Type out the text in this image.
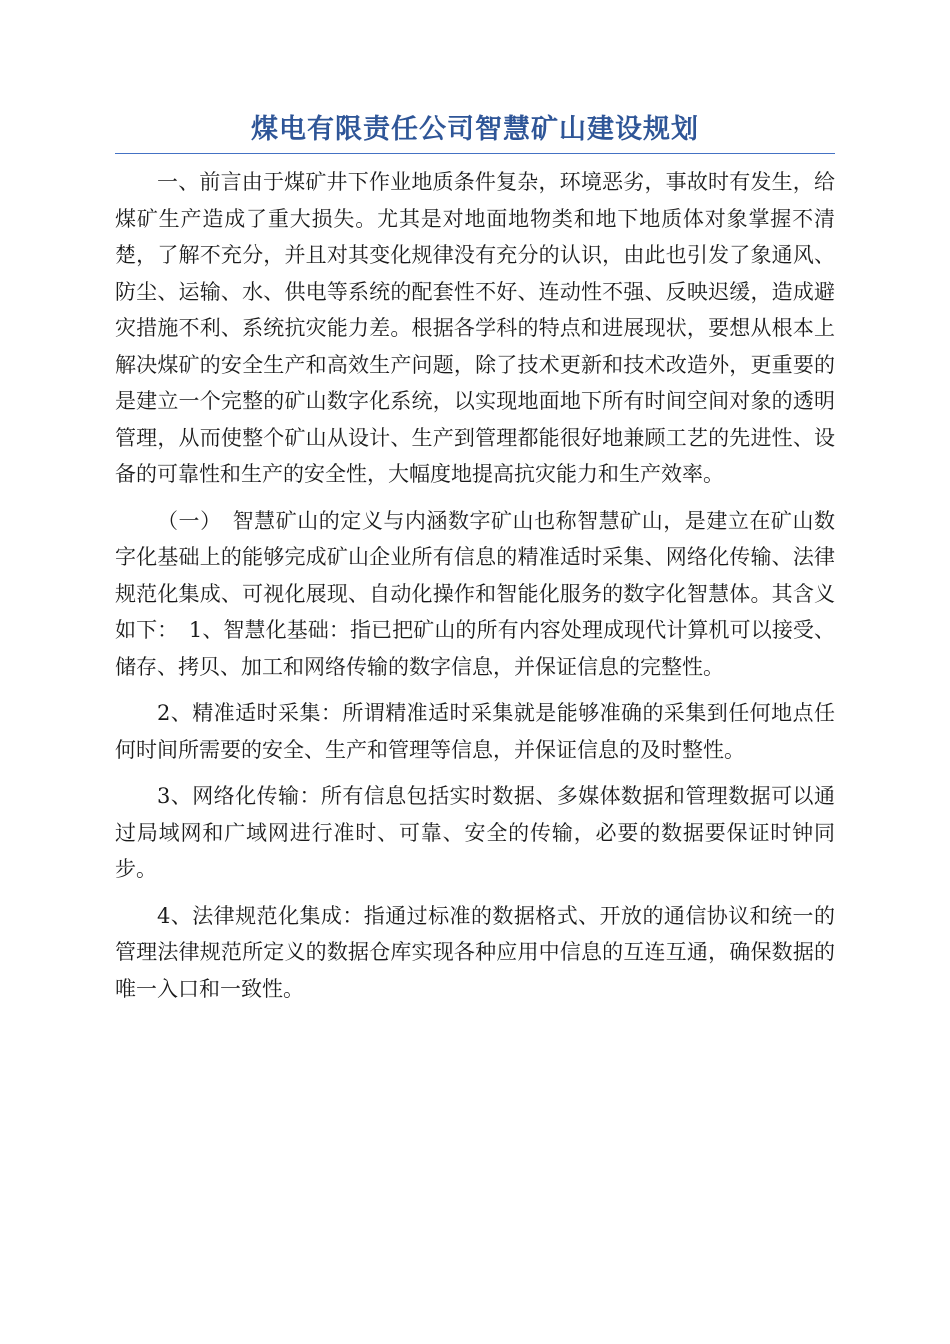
煤电有限责任公司智慧矿山建设规划

一、前言由于煤矿井下作业地质条件复杂，环境恶劣，事故时有发生，给煤矿生产造成了重大损失。尤其是对地面地物类和地下地质体对象掌握不清楚，了解不充分，并且对其变化规律没有充分的认识，由此也引发了象通风、防尘、运输、水、供电等系统的配套性不好、连动性不强、反映迟缓，造成避灾措施不利、系统抗灾能力差。根据各学科的特点和进展现状，要想从根本上解决煤矿的安全生产和高效生产问题，除了技术更新和技术改造外，更重要的是建立一个完整的矿山数字化系统，以实现地面地下所有时间空间对象的透明管理，从而使整个矿山从设计、生产到管理都能很好地兼顾工艺的先进性、设备的可靠性和生产的安全性，大幅度地提高抗灾能力和生产效率。

（一）　智慧矿山的定义与内涵数字矿山也称智慧矿山，是建立在矿山数字化基础上的能够完成矿山企业所有信息的精准适时采集、网络化传输、法律规范化集成、可视化展现、自动化操作和智能化服务的数字化智慧体。其含义如下：　1、智慧化基础：指已把矿山的所有内容处理成现代计算机可以接受、储存、拷贝、加工和网络传输的数字信息，并保证信息的完整性。

2、精准适时采集：所谓精准适时采集就是能够准确的采集到任何地点任何时间所需要的安全、生产和管理等信息，并保证信息的及时整性。

3、网络化传输：所有信息包括实时数据、多媒体数据和管理数据可以通过局域网和广域网进行准时、可靠、安全的传输，必要的数据要保证时钟同步。

4、法律规范化集成：指通过标准的数据格式、开放的通信协议和统一的管理法律规范所定义的数据仓库实现各种应用中信息的互连互通，确保数据的唯一入口和一致性。
